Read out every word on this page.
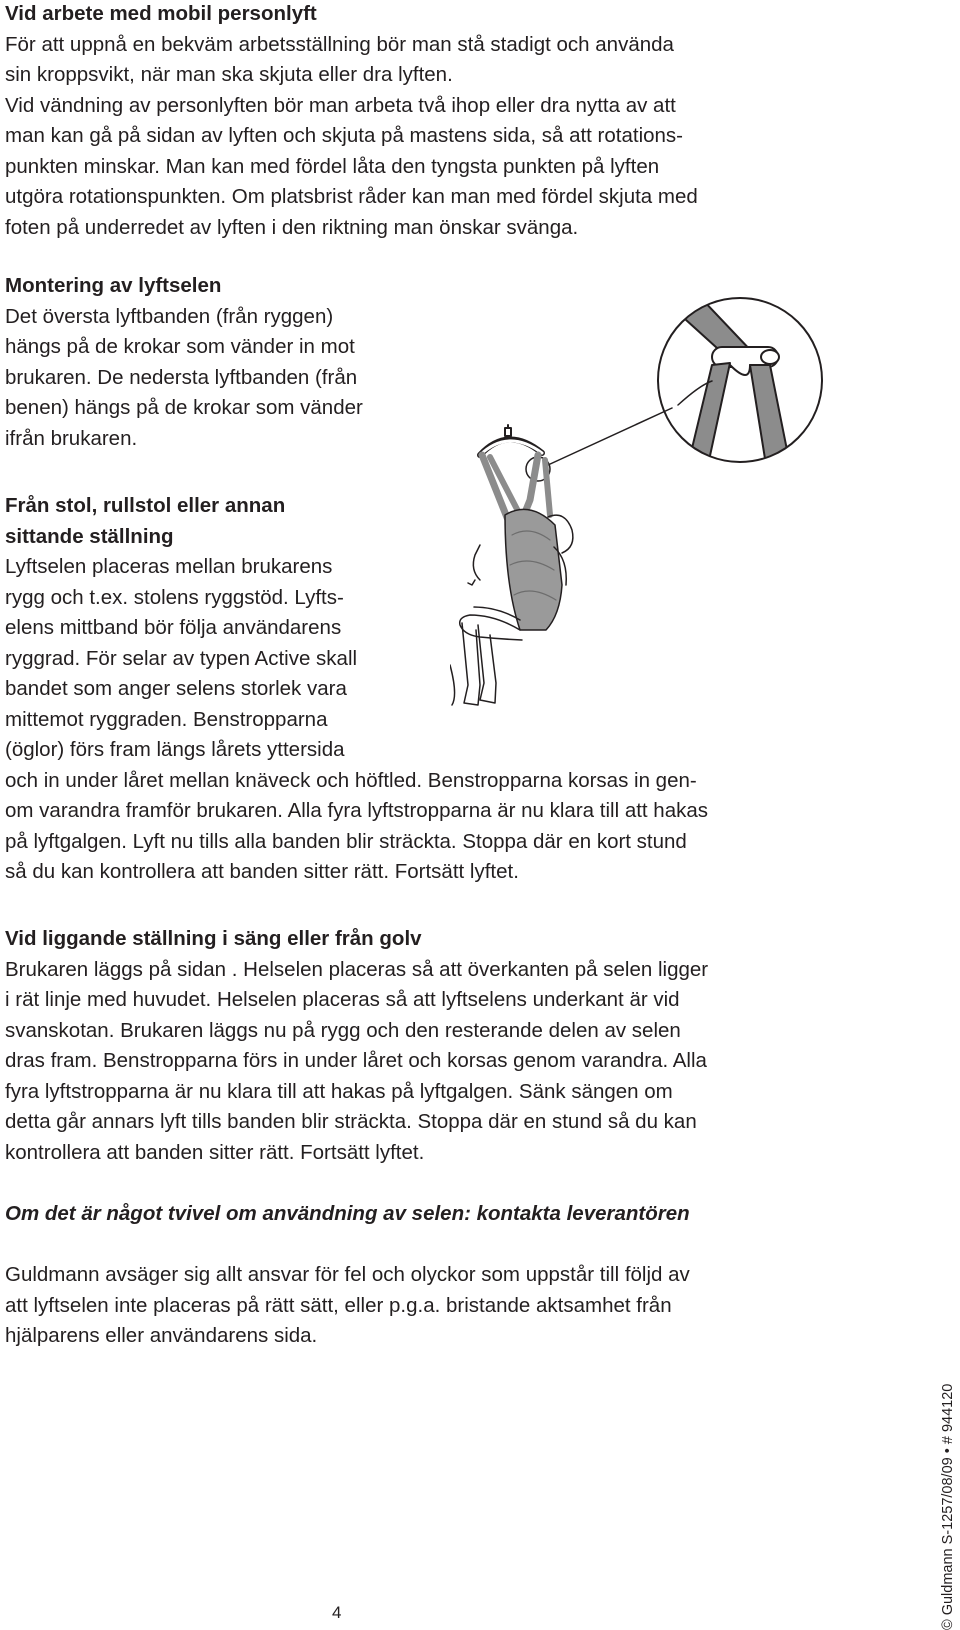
Vid arbete med mobil personlyft

För att uppnå en bekväm arbetsställning bör man stå stadigt och använda

sin kroppsvikt, när man ska skjuta eller dra lyften.

Vid vändning av personlyften bör man arbeta två ihop eller dra nytta av att

man kan gå på sidan av lyften och skjuta på mastens sida, så att rotations-

punkten minskar. Man kan med fördel låta den tyngsta punkten på lyften

utgöra rotationspunkten. Om platsbrist råder kan man med fördel skjuta med

foten på underredet av lyften i den riktning man önskar svänga.

Montering av lyftselen

Det översta lyftbanden (från ryggen)

hängs på de krokar som vänder in mot

brukaren. De nedersta lyftbanden (från

benen) hängs på de krokar som vänder

ifrån brukaren.

Från stol, rullstol eller annan

sittande ställning

Lyftselen placeras mellan brukarens

rygg och t.ex. stolens ryggstöd. Lyfts-

elens mittband bör följa användarens

ryggrad. För selar av typen Active skall

bandet som anger selens storlek vara

mittemot ryggraden. Benstropparna

(öglor) förs fram längs lårets yttersida

och in under låret mellan knäveck och höftled. Benstropparna korsas in gen-

om varandra framför brukaren. Alla fyra lyftstropparna är nu klara till att hakas

på lyftgalgen. Lyft nu tills alla banden blir sträckta. Stoppa där en kort stund

så du kan kontrollera att banden sitter rätt. Fortsätt lyftet.

Vid liggande ställning i säng eller från golv

Brukaren läggs på sidan . Helselen placeras så att överkanten på selen ligger

i rät linje med huvudet. Helselen placeras så att lyftselens underkant är vid

svanskotan. Brukaren läggs nu på rygg och den resterande delen av selen

dras fram. Benstropparna förs in under låret och korsas genom varandra. Alla

fyra lyftstropparna är nu klara till att hakas på lyftgalgen. Sänk sängen om

detta går annars lyft tills banden blir sträckta. Stoppa där en stund så du kan

kontrollera att banden sitter rätt. Fortsätt lyftet.

Om det är något tvivel om användning av selen: kontakta leverantören

Guldmann avsäger sig allt ansvar för fel och olyckor som uppstår till följd av

att lyftselen inte placeras på rätt sätt, eller p.g.a. bristande aktsamhet från

hjälparens eller användarens sida.

© Guldmann S-1257/08/09 • # 944120
4
